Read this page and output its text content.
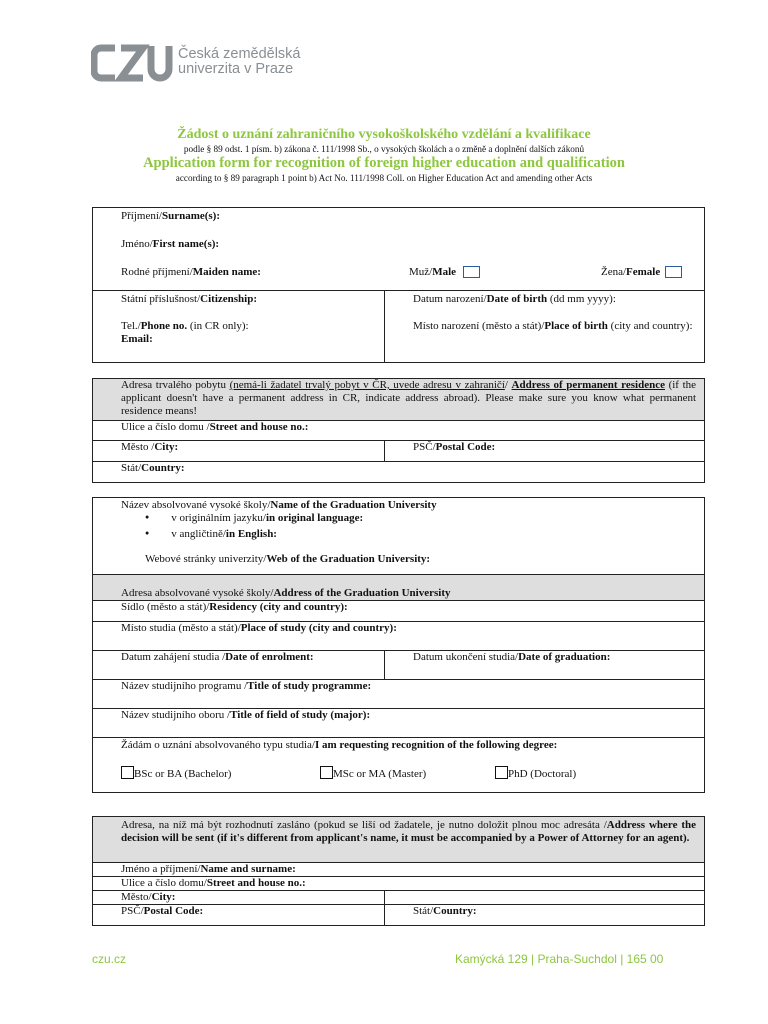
Česká zemědělská
univerzita v Praze
Žádost o uznání zahraničního vysokoškolského vzdělání a kvalifikace
podle § 89 odst. 1 písm. b) zákona č. 111/1998 Sb., o vysokých školách a o změně a doplnění dalších zákonů
Application form for recognition of foreign higher education and qualification
according to § 89 paragraph 1 point b) Act No. 111/1998 Coll. on Higher Education Act and amending other Acts
Příjmení/Surname(s):
Jméno/First name(s):
Rodné příjmení/Maiden name:	Muž/Male	Žena/Female

Státní příslušnost/Citizenship:
Tel./Phone no. (in CR only):
Email:

Datum narození/Date of birth (dd mm yyyy):
Místo narození (město a stát)/Place of birth (city and country):
Adresa trvalého pobytu (nemá-li žadatel trvalý pobyt v ČR, uvede adresu v zahraničí/ Address of permanent residence (if the applicant doesn't have a permanent address in CR, indicate address abroad). Please make sure you know what permanent residence means!
Ulice a číslo domu /Street and house no.:
Město /City:	PSČ/Postal Code:
Stát/Country:
Název absolvované vysoké školy/Name of the Graduation University
● v originálním jazyku/in original language:
● v angličtině/in English:
Webové stránky univerzity/Web of the Graduation University:

Adresa absolvované vysoké školy/Address of the Graduation University
Sídlo (město a stát)/Residency (city and country):
Místo studia (město a stát)/Place of study (city and country):
Datum zahájení studia /Date of enrolment:	Datum ukončení studia/Date of graduation:
Název studijního programu /Title of study programme:
Název studijního oboru /Title of field of study (major):

Žádám o uznání absolvovaného typu studia/I am requesting recognition of the following degree:
BSc or BA (Bachelor)	MSc or MA (Master)	PhD (Doctoral)
Adresa, na níž má být rozhodnutí zasláno (pokud se liší od žadatele, je nutno doložit plnou moc adresáta /Address where the decision will be sent (if it's different from applicant's name, it must be accompanied by a Power of Attorney for an agent).	
Jméno a příjmení/Name and surname:	
Ulice a číslo domu/Street and house no.:	
Město/City:	
PSČ/Postal Code:	Stát/Country:
czu.cz	Kamýcká 129 | Praha-Suchdol | 165 00
